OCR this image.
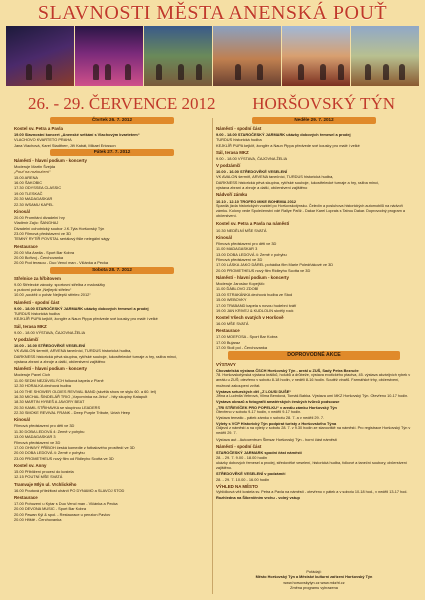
SLAVNOSTI MĚSTA ANENSKÁ POUŤ
26. - 29. ČERVENCE 2012 HORŠOVSKÝ TÝN
Čtvrtek 26. 7. 2012
Kostel sv. Petra a Pavla
19.00 Slavnostní koncert „Anenské setkání s Vlachovým kvartetem“
VLACHOVO KVARTETO PRAHA
Jana Vlachová, Karel Stadtherr, Jiří Kabát, Mikael Ericsson
Pátek 27. 7. 2012
Náměstí - hlavní podium - koncerty
Moderuje Martin Švejda
„Pouť na rozloučení“
15.00 ARENA
16.00 ŠAKOBIC
17.30 ODYSSEA CLASSIC
19.00 TLESKAČ
20.30 MADAGASKAR
22.30 WSAMU KAPEL
Kinosál
20.00 Promítání divadelní hry
Vladimír Zajíc: ŠANGHAJ
Divadelní ochotnický soubor J.K.Tyla Horšovský Týn
23.00 Filmová představení ve 3D
TEMNÝ RYTÍŘ POVSTAL seriálový fišle nelegální ságy
Restaurace
20.00 Vila Arwila - Sport Bar Kobra
20.00 Bořivoj - Čerchovanka
20.00 Pod terasou - Duo Vencl man - Vlčánka a Pecka
Sobota 28. 7. 2012
Střelnice za hřbitovem
9.00 Střelecké závody: sportovní střelba z malorážky
o putovní pohár „Nejlepší střelec“
10.00 „soutěž o pohár Nejlepší střelec 2012“
Náměstí - spodní část
9.00 - 18.00 STAROČESKÝ JARMARK ukázky dobových řemesel a prodej
TURDUS historická hudba
KEJKLÍŘ PUPA kejklíř, žonglér a Naun Pippa předvede své kousky pro malé i velké
Sál, terasa MKZ
9.00 - 18.00 VÝSTAVA, ČAJOVNA ŽELIA
V podzámčí
10.00 - 16.00 STŘEDOVĚKÉ VESELENÍ
VK AVALON šermíři, ARVENA tanečníci, TURDUS historická hudba,
DARKNESS historická pěvá skupina, rytířské souboje, lukostřelecké turnaje a hry, ražba mincí,
výstava zbraní a zbroje a další, občerstvení zajištěno
Náměstí - hlavní podium - koncerty
Moderuje Pavel Cích
11.00 SEDM NEZÁVISLÝCH folková kapela z Plzně
12.30 HORALKA dechová hudba
14.00 THE SHOWER OLDIES REVIVAL BAND (skvělá show ve stylu 60. a 60. let)
16.30 MICHAL ŠINDELÁŘ TRIO „Vzpomínka na Jirku“ - hity skupiny Katapult
18.30 MARTIN HYBEŠ A JAVORY BEAT
20.30 KAMIL STŘIHAVKA se skupinou LEADERS
22.30 SMOKE REVIVAL FRANK - Deep Purple Tribute, Uriah Heep
Kinosál
Filmová představení pro děti ve 3D
11.30 DOBA LEDOVÁ 4: Země v pohybu
13.00 MADAGASKAR 3
Filmová představení ve 3D
17.00 OHNIVÝ PŘÍBOH česká komedie z fotbalového prostředí ve 3D
20.00 DOBA LEDOVÁ 4: Země v pohybu
23.00 PROMETHEUS nový film od Ridleyho Scotta ve 3D
Kostel sv. Anny
15.00 Přiblížení procesí do kostela
12.15 POUTNÍ MŠE SVATÁ
Tramvaje Mlýn ul. Vrchlického
16.00 Poutová příležitost uhánít PO DYNAMO a SLAVOJ STOD
Restaurace
17.00 Pohození u Kytar s Duo Vencl man - Vlčánka a Pecka
20.00 DEVONA MUSIC - Sport Bar Kobra
20.00 Pawan Kýl & spol. - Restaurace u penzion Pavlov
20.00 Hřiště - Čerchovanka
Neděle 29. 7. 2012
Náměstí - spodní část
9.00 - 18.00 STAROČESKÝ JARMARK ukázky dobových řemesel a prodej
TURDUS historická hudba
KEJKLÍŘ PUPA kejklíř, žonglér a Naun Pippa předvede své kousky pro malé i velké
Sál, terasa MKZ
9.00 - 18.00 VÝSTAVA, ČAJOVNA ŽELIA
V podzámčí
10.00 - 16.00 STŘEDOVĚKÉ VESELENÍ
VK AVALON šermíři, ARVENA tanečníci, TURDUS historická hudba,
DARKNESS historická pěvá skupina, rytířské souboje, lukostřelecké turnaje a hry, ražba mincí,
výstava zbraní a zbroje a další, občerstvení zajištěno
Nádvoří zámku
10.10 - 12.10 TROFEO MIKE BOHEMIA 2012
Spanilá jízda historických vozidel po Horšovskotýnsku. Čeledín a posluhova historických automobilů na nádvoří zámku. Kolony vede Společenství vdé Rallye Paťiž - Dakar Karel Loprais s Tatrou Dakar. Doprovodný program a občerstvení.
Kostel sv. Petra a Pavla na náměstí
10.30 NEDĚLNÍ MŠE SVATÁ
Kinosál
Filmová představení pro děti ve 3D
11.00 MADAGASKAR 3
13.00 DOBA LEDOVÁ 4: Země v pohybu
Filmová představení ve 3D
17.00 LÁSKA JAKO DÁREL pohádka film Marie Poledňákové ve 3D
20.00 PROMETHEUS nový film Ridleyho Scotta ve 3D
Náměstí - hlavní podium - koncerty
Moderuje Jaroslav Kopejšťo
11.00 ĎÁBLOVO ZDOBÍ
13.00 STRAKÁNKA dechová hudba ze Stod
15.00 WEBOVKY
17.00 TRABAND kapela s novou hudební tváří
19.00 JAN KRIVEJ & KUDLOLIN skvělý rock
Kostel Všech svatých v Horšově
16.00 MŠE SVATÁ
Restaurace
17.00 MOEFOSA - Sport Bar Kobra
17.00 Bujaraz
17.00 Stoll pol - Čerchovanka
DOPROVODNÉ AKCE
VÝSTAVY
Chovatelská výstava ČSCH Horšovský Týn - areál u ZUŠ, Sady Petra Bezruče
78. Horšovskotýnská výstava králíků, holubů a drůbeže, výstava exotického ptactva, 45. výstava akvárijních rybek v areálu u ZUŠ; otevřeno v sobotu 8-18 hodin, v neděli 8-16 hodin. Soutěž vinařů. Farmářské trhy, občerstvení, možnost zakoupení zvířat.
Výstava seturských děl „Z LOUSI DUŠE“
Jiřina a Ludmila Vebrová, Vilma Bendová, Tomáš Babka. Výstava umí MKZ Horšovský Týn. Otevřeno 10-17 hodin.
Výstava obrazů a fotografií amatérských českých tvůrců podsouse
„TRI STŘEVÍČEK PRO POPELKU“ v areálu zámku Horšovský Týn
Otevřeno v sobotu 9-17 hodin, v neděli 9-17 hodin.
Výstava tematic - pátek zámku v sobotu 28. 7. a v neděli 29. 7.
Výlety s VCP Historický Týn podpírat turisty z Horšovského Týna
Odjezd z náměstí a na výlety v sobotu 28. 7. v 9.30 hodin ze stanoviště na náměstí. Pro registrace Horšovský Týn v neděli 29. 7.
Výstava aut - Autocentrum Šimsar Horšovský Týn - horní část náměstí
Náměstí - spodní část
STAROČESKÝ JARMARK spodní část náměstí
28. - 29. 7. 9.00 - 18.00 hodin
ukázky dobových řemesel a prodej, středověké veselení, historická hudba, folkové a taneční soubory, občerstvení zajištěno.
STŘEDOVĚKÉ VESELENÍ v podzámčí
28. - 29. 7. 10.00 - 16.00 hodin
VÝHLED NA MĚSTO
Vyhlídková věž kostela sv. Petra a Pavla na náměstí - otevřeno v pátek a v sobotu 10-18 hod., v neděli 13-17 hod.
Rozhledna na Šibeničním vrchu - volný vstup
Pořádají:
Město Horšovský Týn a Městské kulturní zařízení Horšovský Týn
www.horsovskytyn.cz www.mkzht.cz
Změna programu vyhrazena
